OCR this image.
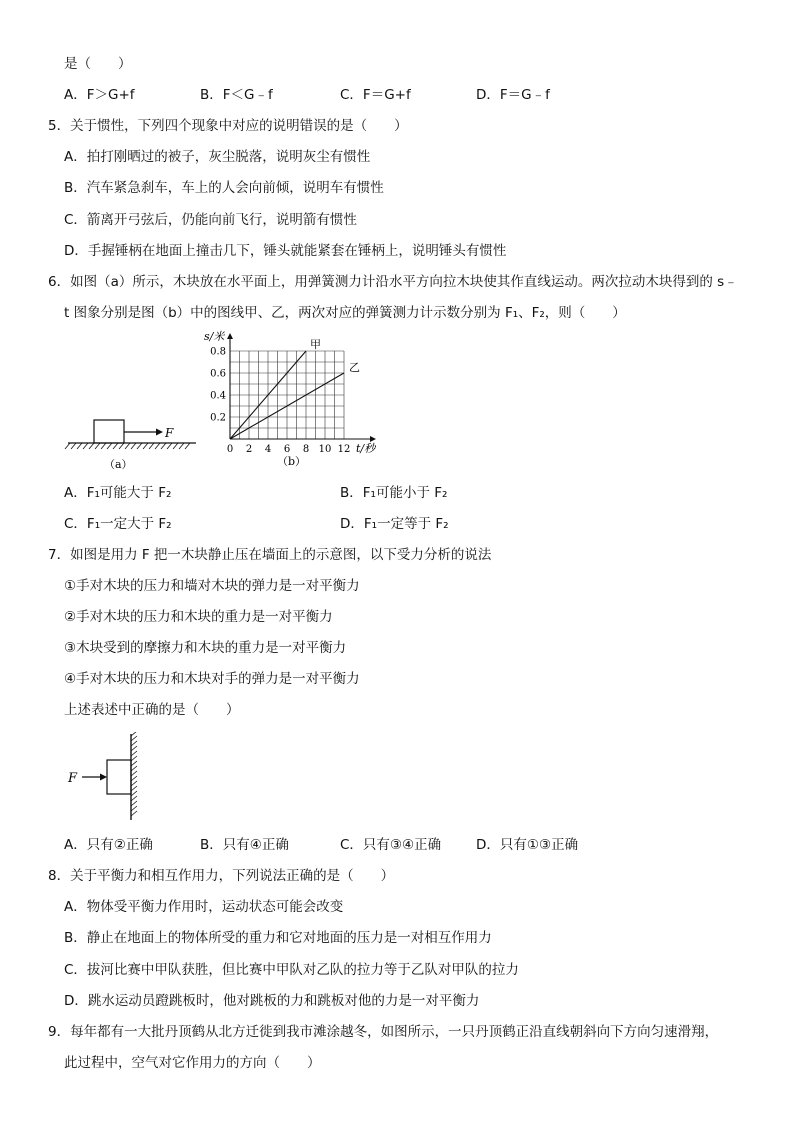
是（　　）
A．F＞G+f	B．F＜G﹣f	C．F＝G+f	D．F＝G﹣f
5．关于惯性，下列四个现象中对应的说明错误的是（　　）
A．拍打刚晒过的被子，灰尘脱落，说明灰尘有惯性
B．汽车紧急刹车，车上的人会向前倾，说明车有惯性
C．箭离开弓弦后，仍能向前飞行，说明箭有惯性
D．手握锤柄在地面上撞击几下，锤头就能紧套在锤柄上，说明锤头有惯性
6．如图（a）所示，木块放在水平面上，用弹簧测力计沿水平方向拉木块使其作直线运动。两次拉动木块得到的 s﹣
t 图象分别是图（b）中的图线甲、乙，两次对应的弹簧测力计示数分别为 F₁、F₂，则（　　）
F
（a）
s/米
t/秒
0 2 4 6 8 10 12
0.2
0.4
0.6
0.8
甲
乙
（b）
A．F₁可能大于 F₂	B．F₁可能小于 F₂
C．F₁一定大于 F₂	D．F₁一定等于 F₂
7．如图是用力 F 把一木块静止压在墙面上的示意图，以下受力分析的说法
①手对木块的压力和墙对木块的弹力是一对平衡力
②手对木块的压力和木块的重力是一对平衡力
③木块受到的摩擦力和木块的重力是一对平衡力
④手对木块的压力和木块对手的弹力是一对平衡力
上述表述中正确的是（　　）
F
A．只有②正确	B．只有④正确	C．只有③④正确	D．只有①③正确
8．关于平衡力和相互作用力，下列说法正确的是（　　）
A．物体受平衡力作用时，运动状态可能会改变
B．静止在地面上的物体所受的重力和它对地面的压力是一对相互作用力
C．拔河比赛中甲队获胜，但比赛中甲队对乙队的拉力等于乙队对甲队的拉力
D．跳水运动员蹬跳板时，他对跳板的力和跳板对他的力是一对平衡力
9．每年都有一大批丹顶鹤从北方迁徙到我市滩涂越冬，如图所示，一只丹顶鹤正沿直线朝斜向下方向匀速滑翔，
此过程中，空气对它作用力的方向（　　）
